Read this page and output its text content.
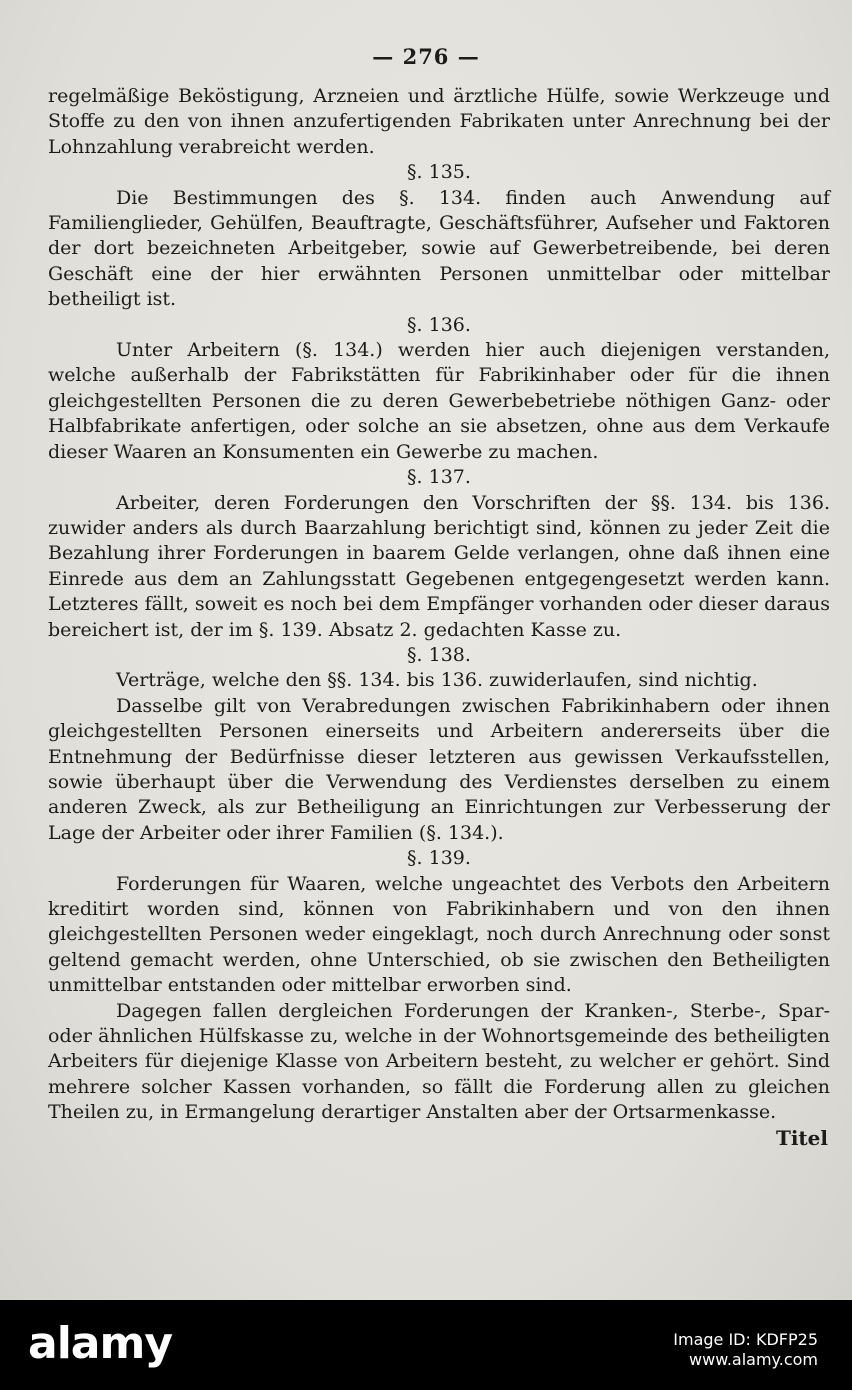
— 276 —

regelmäßige Beköstigung, Arzneien und ärztliche Hülfe, sowie Werkzeuge und Stoffe zu den von ihnen anzufertigenden Fabrikaten unter Anrechnung bei der Lohnzahlung verabreicht werden.

§. 135.

Die Bestimmungen des §. 134. finden auch Anwendung auf Familienglieder, Gehülfen, Beauftragte, Geschäftsführer, Aufseher und Faktoren der dort bezeichneten Arbeitgeber, sowie auf Gewerbetreibende, bei deren Geschäft eine der hier erwähnten Personen unmittelbar oder mittelbar betheiligt ist.

§. 136.

Unter Arbeitern (§. 134.) werden hier auch diejenigen verstanden, welche außerhalb der Fabrikstätten für Fabrikinhaber oder für die ihnen gleichgestellten Personen die zu deren Gewerbebetriebe nöthigen Ganz- oder Halbfabrikate anfertigen, oder solche an sie absetzen, ohne aus dem Verkaufe dieser Waaren an Konsumenten ein Gewerbe zu machen.

§. 137.

Arbeiter, deren Forderungen den Vorschriften der §§. 134. bis 136. zuwider anders als durch Baarzahlung berichtigt sind, können zu jeder Zeit die Bezahlung ihrer Forderungen in baarem Gelde verlangen, ohne daß ihnen eine Einrede aus dem an Zahlungsstatt Gegebenen entgegengesetzt werden kann. Letzteres fällt, soweit es noch bei dem Empfänger vorhanden oder dieser daraus bereichert ist, der im §. 139. Absatz 2. gedachten Kasse zu.

§. 138.

Verträge, welche den §§. 134. bis 136. zuwiderlaufen, sind nichtig.

Dasselbe gilt von Verabredungen zwischen Fabrikinhabern oder ihnen gleichgestellten Personen einerseits und Arbeitern andererseits über die Entnehmung der Bedürfnisse dieser letzteren aus gewissen Verkaufsstellen, sowie überhaupt über die Verwendung des Verdienstes derselben zu einem anderen Zweck, als zur Betheiligung an Einrichtungen zur Verbesserung der Lage der Arbeiter oder ihrer Familien (§. 134.).

§. 139.

Forderungen für Waaren, welche ungeachtet des Verbots den Arbeitern kreditirt worden sind, können von Fabrikinhabern und von den ihnen gleichgestellten Personen weder eingeklagt, noch durch Anrechnung oder sonst geltend gemacht werden, ohne Unterschied, ob sie zwischen den Betheiligten unmittelbar entstanden oder mittelbar erworben sind.

Dagegen fallen dergleichen Forderungen der Kranken-, Sterbe-, Spar- oder ähnlichen Hülfskasse zu, welche in der Wohnortsgemeinde des betheiligten Arbeiters für diejenige Klasse von Arbeitern besteht, zu welcher er gehört. Sind mehrere solcher Kassen vorhanden, so fällt die Forderung allen zu gleichen Theilen zu, in Ermangelung derartiger Anstalten aber der Ortsarmenkasse.

Titel

alamy	Image ID: KDFP25
www.alamy.com
